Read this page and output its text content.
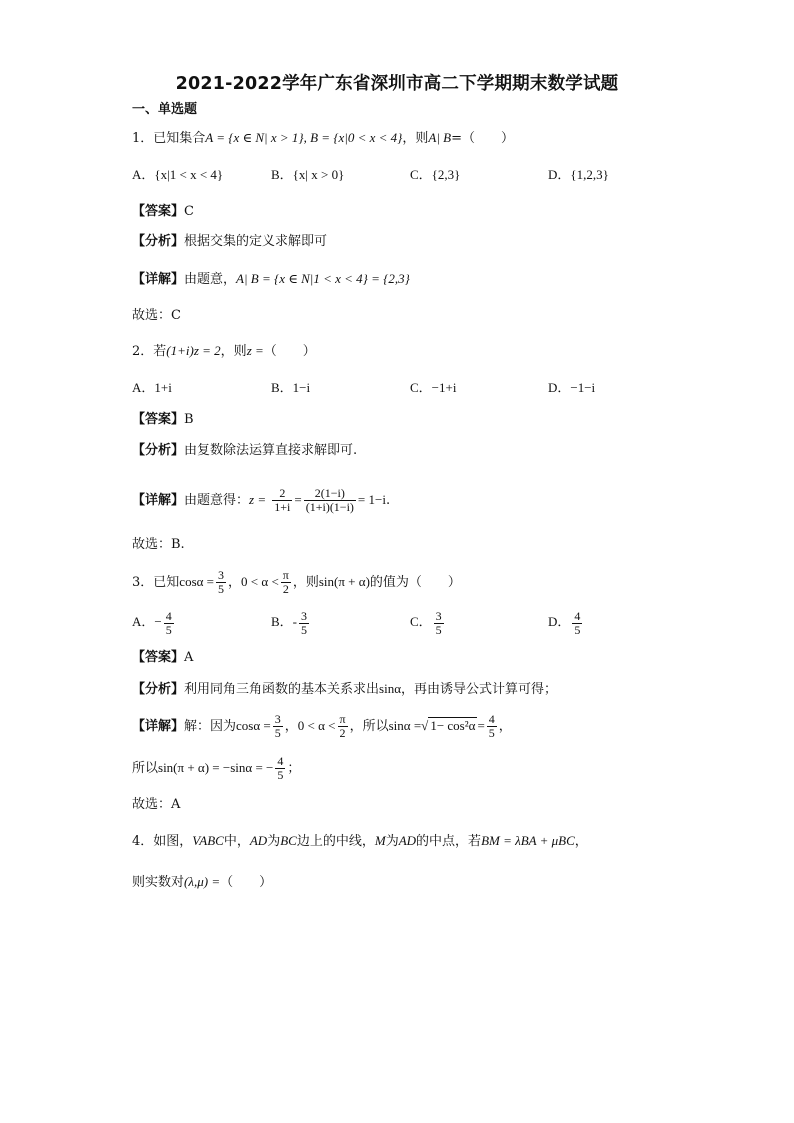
2021-2022学年广东省深圳市高二下学期期末数学试题
一、单选题
1．已知集合A = {x ∈ N| x > 1}, B = {x|0 < x < 4}，则A| B=（　　）
A．{x|1 < x < 4}	B．{x| x > 0}	C．{2,3}	D．{1,2,3}
【答案】C
【分析】根据交集的定义求解即可
【详解】由题意，A| B = {x ∈ N|1 < x < 4} = {2,3}
故选：C
2．若(1+i)z = 2，则z =（　　）
A．1+i	B．1−i	C．−1+i	D．−1−i
【答案】B
【分析】由复数除法运算直接求解即可.
【详解】由题意得：$z = \frac{2}{1+i} = \frac{2(1-i)}{(1+i)(1-i)} = 1-i$.
故选：B.
3．已知$\cos\alpha = \frac{3}{5}$ ，$0 < \alpha < \frac{\pi}{2}$ ，则sin(π + α)的值为（　　）
A．− $\frac{4}{5}$	B．- $\frac{3}{5}$	C． $\frac{3}{5}$	D． $\frac{4}{5}$
【答案】A
【分析】利用同角三角函数的基本关系求出sinα，再由诱导公式计算可得；
【详解】解：因为$\cos\alpha = \frac{3}{5}$ ，$0 < \alpha < \frac{\pi}{2}$ ，所以sinα =√ $1- \cos^2\alpha = \frac{4}{5}$ ，
所以sin(π + α) = −sinα = − $\frac{4}{5}$ ；
故选：A
4．如图，VABC中，AD为BC边上的中线，M为AD的中点，若BM = λBA + μBC，
则实数对(λ,μ) =（　　）
